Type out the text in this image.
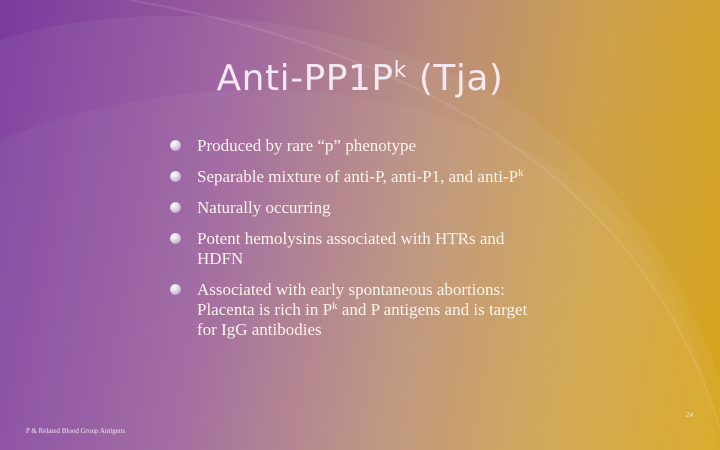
Anti-$PP1P^k$ (Tja)
Produced by rare “p” phenotype
Separable mixture of anti-P, anti-P1, and anti-$P^k$
Naturally occurring
Potent hemolysins associated with HTRs and HDFN
Associated with early spontaneous abortions: Placenta is rich in $P^k$ and P antigens and is target for IgG antibodies
P & Related Blood Group Antigens
24
